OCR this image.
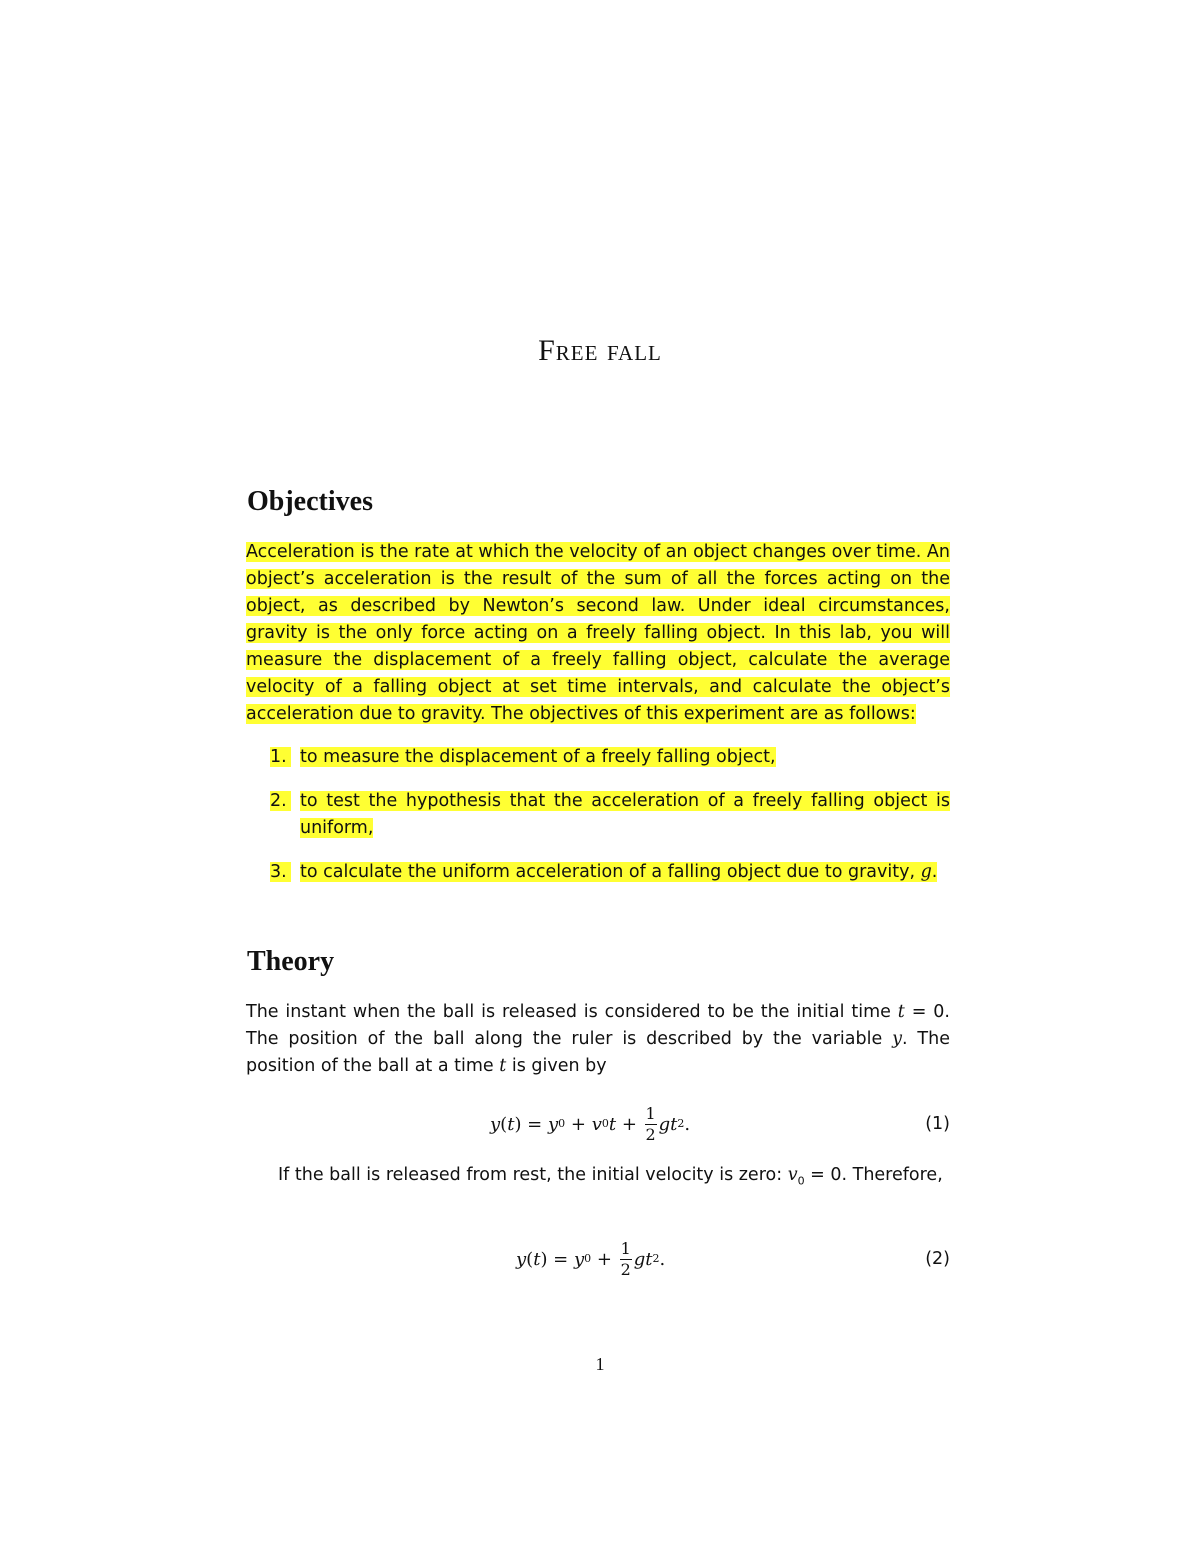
Free fall
Objectives

Acceleration is the rate at which the velocity of an object changes over time. An object’s acceleration is the result of the sum of all the forces acting on the object, as described by Newton’s second law. Under ideal circumstances, gravity is the only force acting on a freely falling object. In this lab, you will measure the displacement of a freely falling object, calculate the average velocity of a falling object at set time intervals, and calculate the object’s acceleration due to gravity. The objectives of this experiment are as follows:

1. to measure the displacement of a freely falling object,
2. to test the hypothesis that the acceleration of a freely falling object is uniform,
3. to calculate the uniform acceleration of a falling object due to gravity, g.
Theory

The instant when the ball is released is considered to be the initial time t = 0. The position of the ball along the ruler is described by the variable y. The position of the ball at a time t is given by

y ( t ) = y 0 + v 0 $t + \frac{1}{2}$ gt 2 .	(1)

If the ball is released from rest, the initial velocity is zero: $v_0 = 0$. Therefore,

y ( t ) = y $0 + \frac{1}{2}$ gt 2 .	(2)
1
